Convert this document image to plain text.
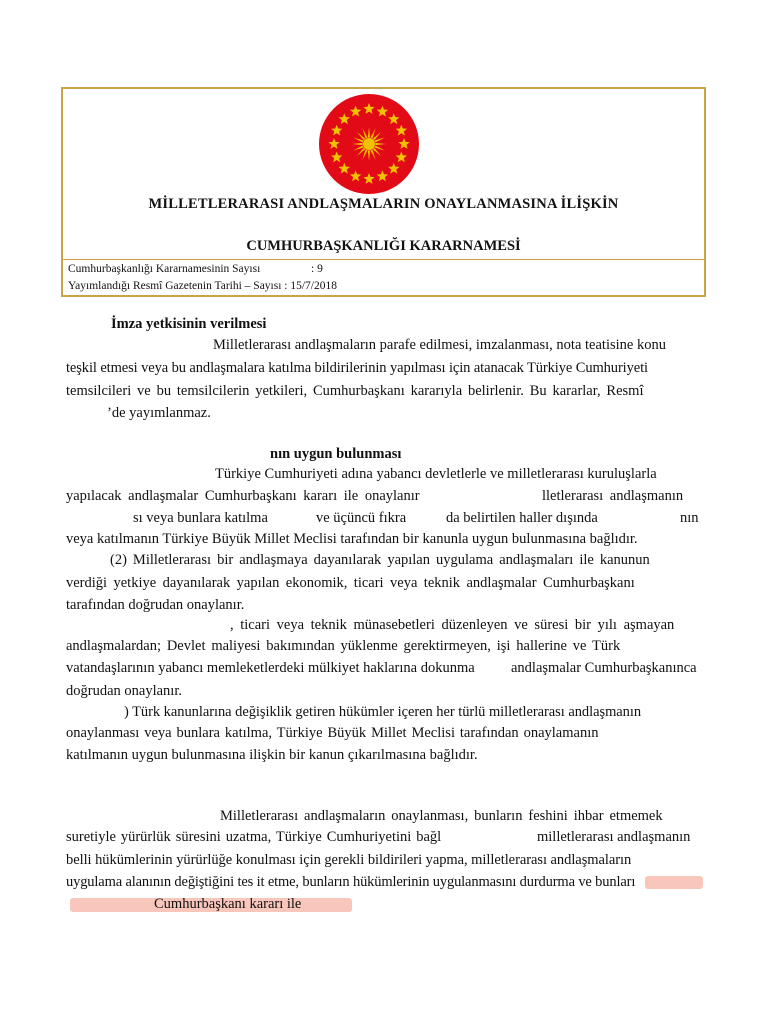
MİLLETLERARASI ANDLAŞMALARIN ONAYLANMASINA İLİŞKİN
CUMHURBAŞKANLIĞI KARARNAMESİ
Cumhurbaşkanlığı Kararnamesinin Sayısı	: 9
Yayımlandığı Resmî Gazetenin Tarihi – Sayısı : 15/7/2018
İmza yetkisinin verilmesi
Milletlerarası andlaşmaların parafe edilmesi, imzalanması, nota teatisine konu
teşkil etmesi veya bu andlaşmalara katılma bildirilerinin yapılması için atanacak Türkiye Cumhuriyeti
temsilcileri ve bu temsilcilerin yetkileri, Cumhurbaşkanı kararıyla belirlenir. Bu kararlar, Resmî
’de yayımlanmaz.
nın uygun bulunması
Türkiye Cumhuriyeti adına yabancı devletlerle ve milletlerarası kuruluşlarla
yapılacak andlaşmalar Cumhurbaşkanı kararı ile onaylanır	lletlerarası andlaşmanın
sı veya bunlara katılma	ve üçüncü fıkra	da belirtilen haller dışında	nın
veya katılmanın Türkiye Büyük Millet Meclisi tarafından bir kanunla uygun bulunmasına bağlıdır.
(2) Milletlerarası bir andlaşmaya dayanılarak yapılan uygulama andlaşmaları ile kanunun
verdiği yetkiye dayanılarak yapılan ekonomik, ticari veya teknik andlaşmalar Cumhurbaşkanı
tarafından doğrudan onaylanır.
, ticari veya teknik münasebetleri düzenleyen ve süresi bir yılı aşmayan
andlaşmalardan; Devlet maliyesi bakımından yüklenme gerektirmeyen, işi hallerine ve Türk
vatandaşlarının yabancı memleketlerdeki mülkiyet haklarına dokunma	andlaşmalar Cumhurbaşkanınca
doğrudan onaylanır.
) Türk kanunlarına değişiklik getiren hükümler içeren her türlü milletlerarası andlaşmanın
onaylanması veya bunlara katılma, Türkiye Büyük Millet Meclisi tarafından onaylamanın
katılmanın uygun bulunmasına ilişkin bir kanun çıkarılmasına bağlıdır.
Milletlerarası andlaşmaların onaylanması, bunların feshini ihbar etmemek
suretiyle yürürlük süresini uzatma, Türkiye Cumhuriyetini bağl	milletlerarası andlaşmanın
belli hükümlerinin yürürlüğe konulması için gerekli bildirileri yapma, milletlerarası andlaşmaların
uygulama alanının değiştiğini tes it etme, bunların hükümlerinin uygulanmasını durdurma ve bunları
Cumhurbaşkanı kararı ile
